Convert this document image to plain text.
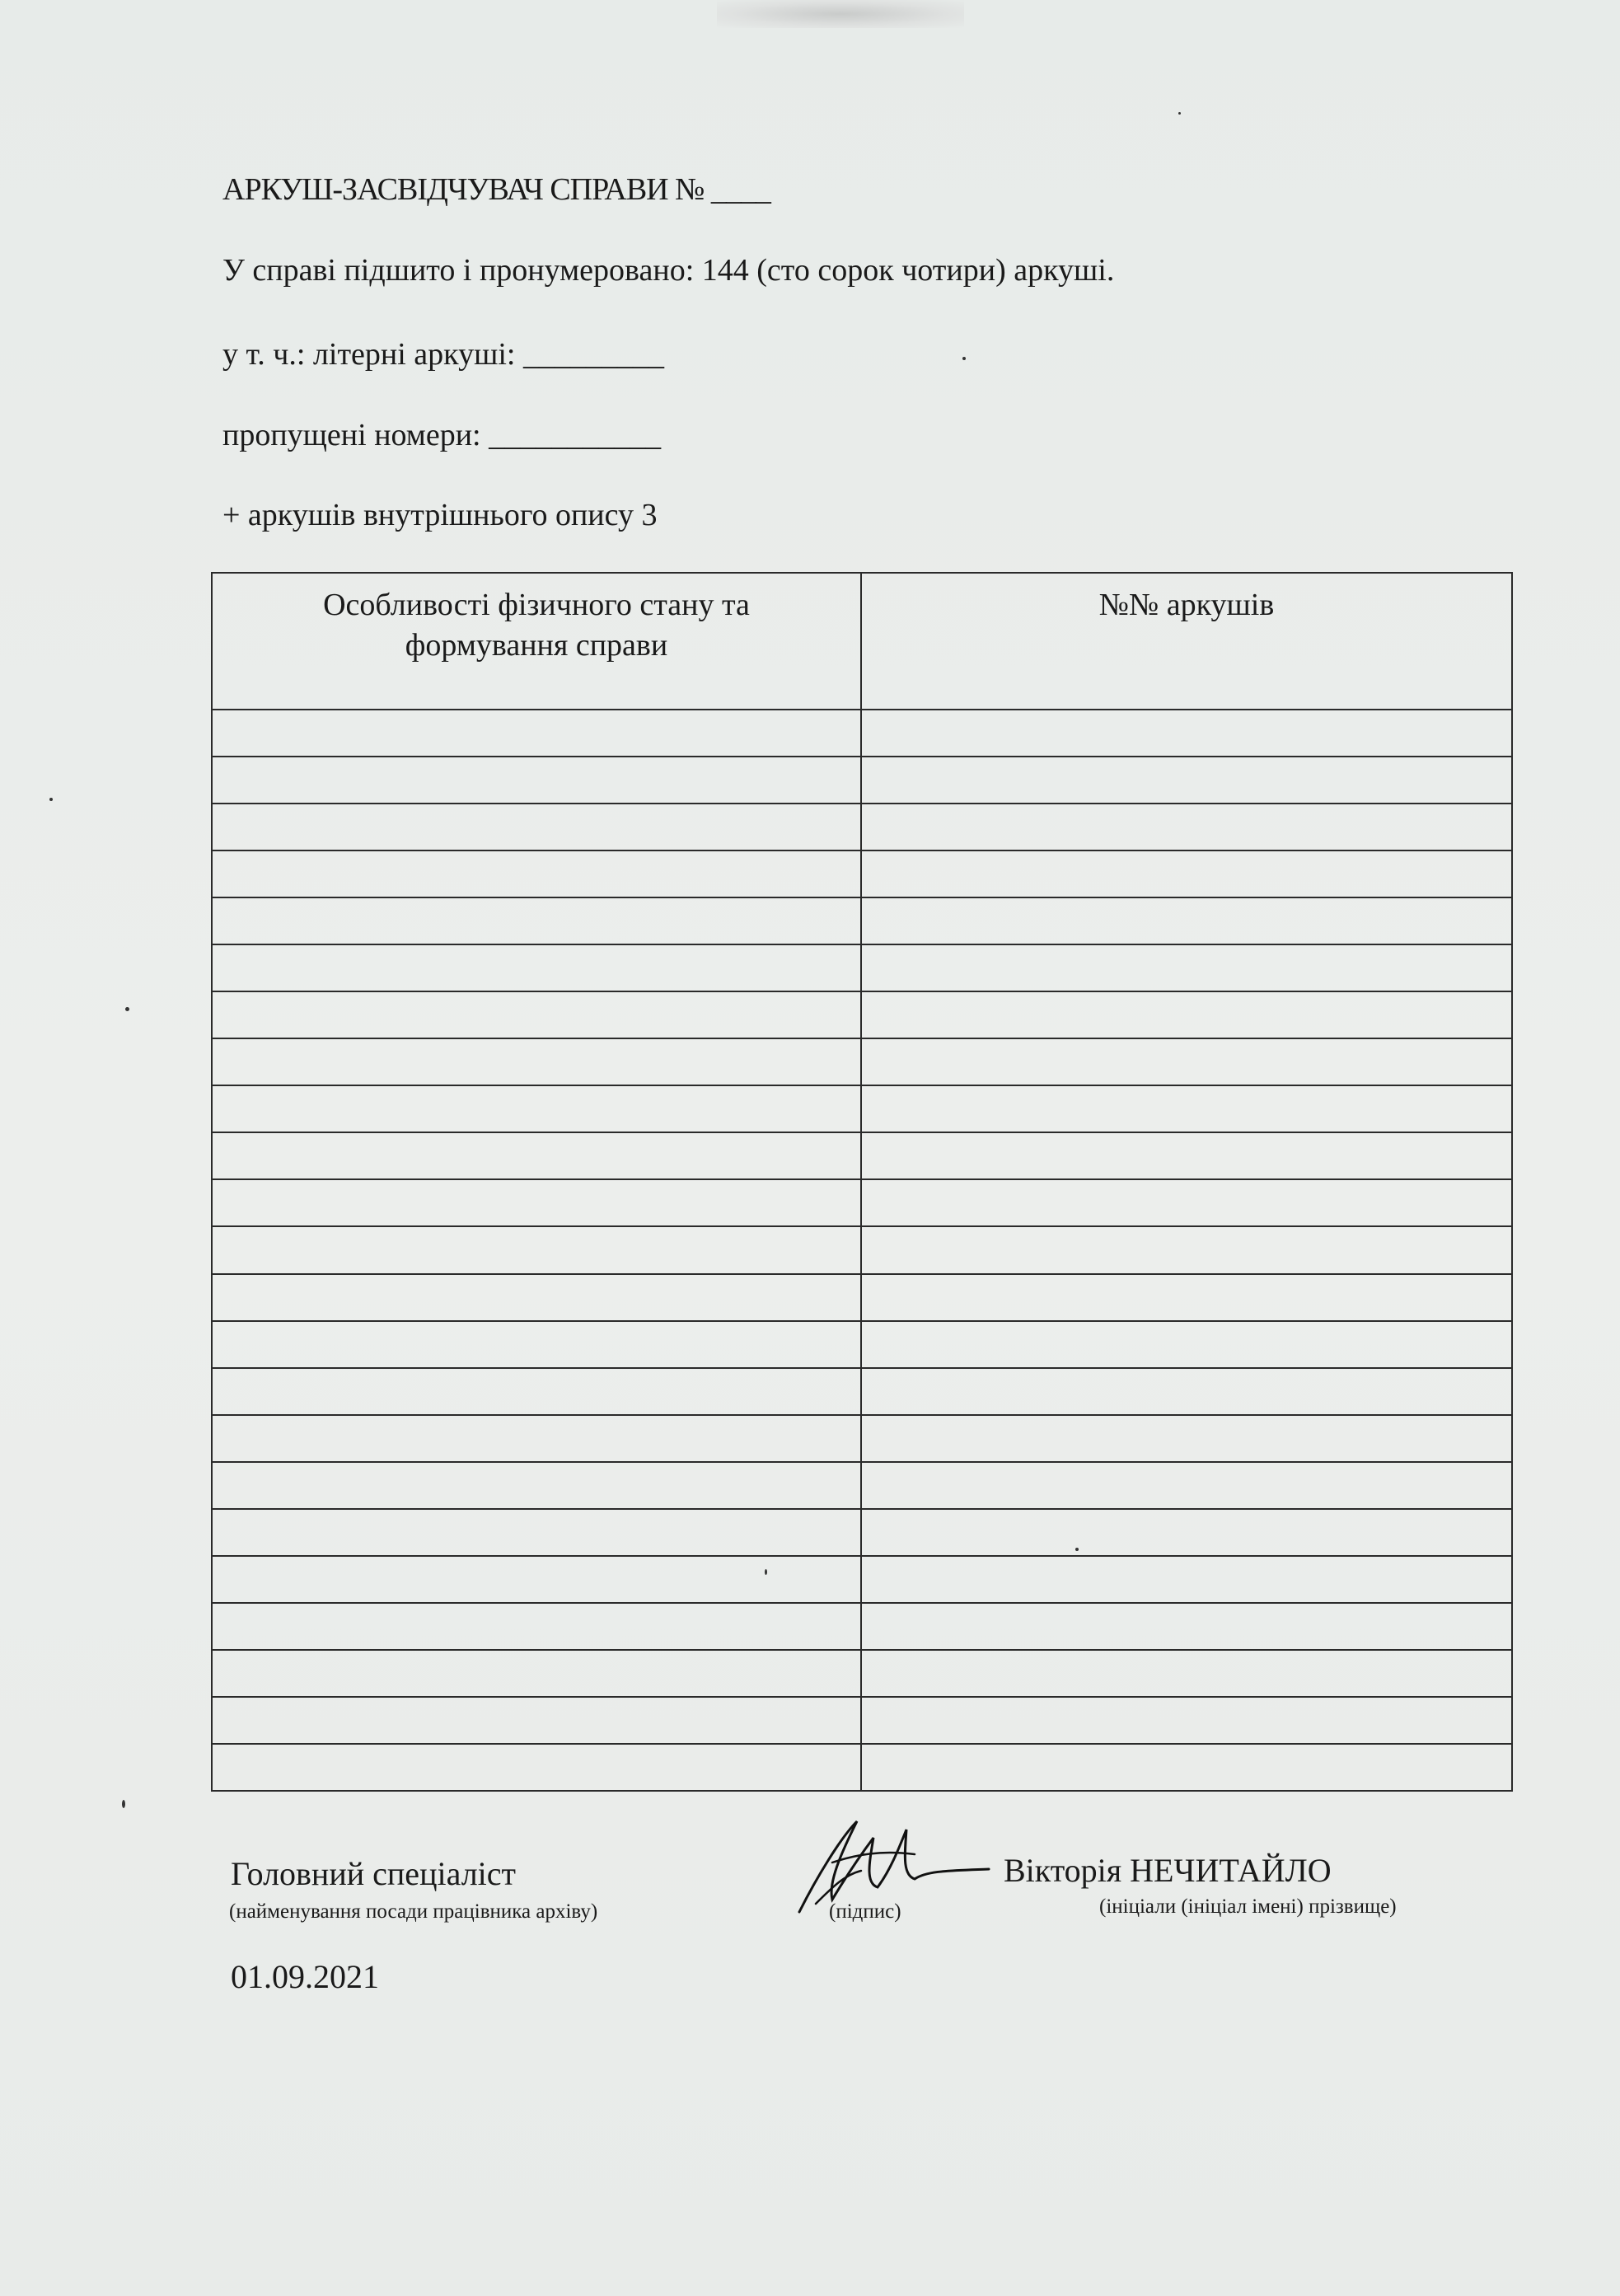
АРКУШ-ЗАСВІДЧУВАЧ СПРАВИ № ____
У справі підшито і пронумеровано: 144 (сто сорок чотири) аркуші.
у т. ч.: літерні аркуші: _________
пропущені номери: ___________
+ аркушів внутрішнього опису 3
Особливості фізичного стану та формування справи
№№ аркушів
Головний спеціаліст
(найменування посади працівника архіву)	(підпис)
Вікторія НЕЧИТАЙЛО
(ініціали (ініціал імені) прізвище)
01.09.2021
